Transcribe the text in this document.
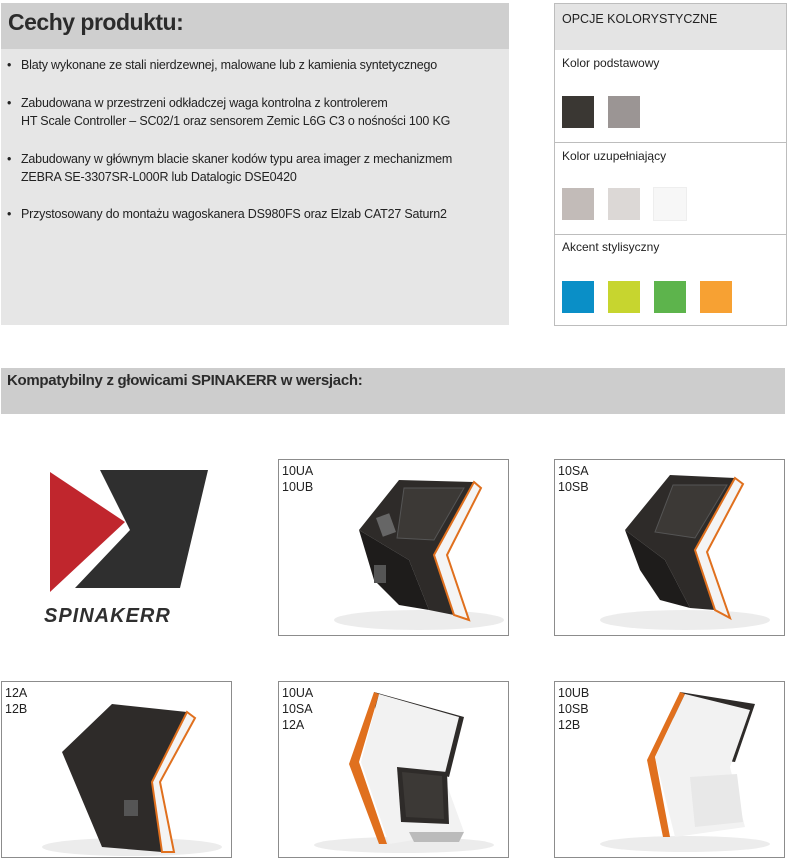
Cechy produktu:
• Blaty wykonane ze stali nierdzewnej, malowane lub z kamienia syntetycznego
• Zabudowana w przestrzeni odkładczej waga kontrolna z kontrolerem
HT Scale Controller – SC02/1 oraz sensorem Zemic L6G C3 o nośności 100 KG
• Zabudowany w głównym blacie skaner kodów typu area imager z mechanizmem
ZEBRA SE-3307SR-L000R lub Datalogic DSE0420
• Przystosowany do montażu wagoskanera DS980FS oraz Elzab CAT27 Saturn2
OPCJE KOLORYSTYCZNE
Kolor podstawowy
Kolor uzupełniający
Akcent stylisyczny
Kompatybilny z głowicami SPINAKERR w wersjach:
SPINAKERR
10UA
10UB
10SA
10SB
12A
12B
10UA
10SA
12A
10UB
10SB
12B
